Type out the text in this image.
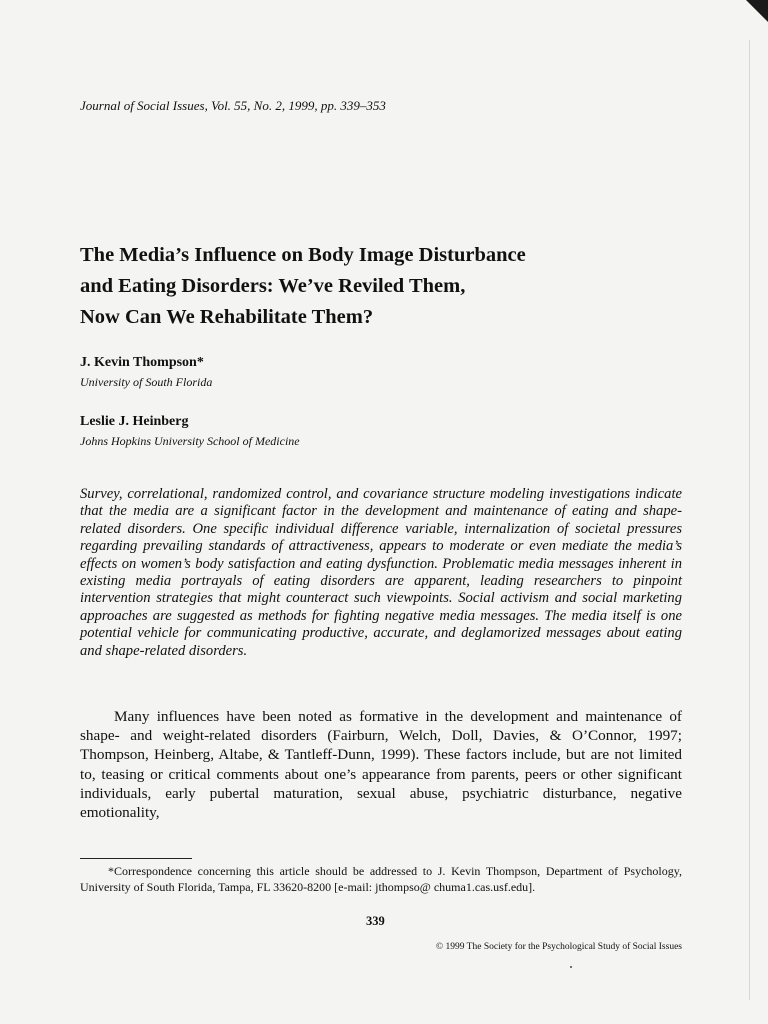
Journal of Social Issues, Vol. 55, No. 2, 1999, pp. 339–353
The Media’s Influence on Body Image Disturbance
and Eating Disorders: We’ve Reviled Them,
Now Can We Rehabilitate Them?
J. Kevin Thompson*
University of South Florida
Leslie J. Heinberg
Johns Hopkins University School of Medicine

Survey, correlational, randomized control, and covariance structure modeling investigations indicate that the media are a significant factor in the development and maintenance of eating and shape-related disorders. One specific individual difference variable, internalization of societal pressures regarding prevailing standards of attractiveness, appears to moderate or even mediate the media’s effects on women’s body satisfaction and eating dysfunction. Problematic media messages inherent in existing media portrayals of eating disorders are apparent, leading researchers to pinpoint intervention strategies that might counteract such viewpoints. Social activism and social marketing approaches are suggested as methods for fighting negative media messages. The media itself is one potential vehicle for communicating productive, accurate, and deglamorized messages about eating and shape-related disorders.

Many influences have been noted as formative in the development and maintenance of shape- and weight-related disorders (Fairburn, Welch, Doll, Davies, & O’Connor, 1997; Thompson, Heinberg, Altabe, & Tantleff-Dunn, 1999). These factors include, but are not limited to, teasing or critical comments about one’s appearance from parents, peers or other significant individuals, early pubertal maturation, sexual abuse, psychiatric disturbance, negative emotionality,

*Correspondence concerning this article should be addressed to J. Kevin Thompson, Department of Psychology, University of South Florida, Tampa, FL 33620-8200 [e-mail: jthompso@ chuma1.cas.usf.edu].

339
© 1999 The Society for the Psychological Study of Social Issues
